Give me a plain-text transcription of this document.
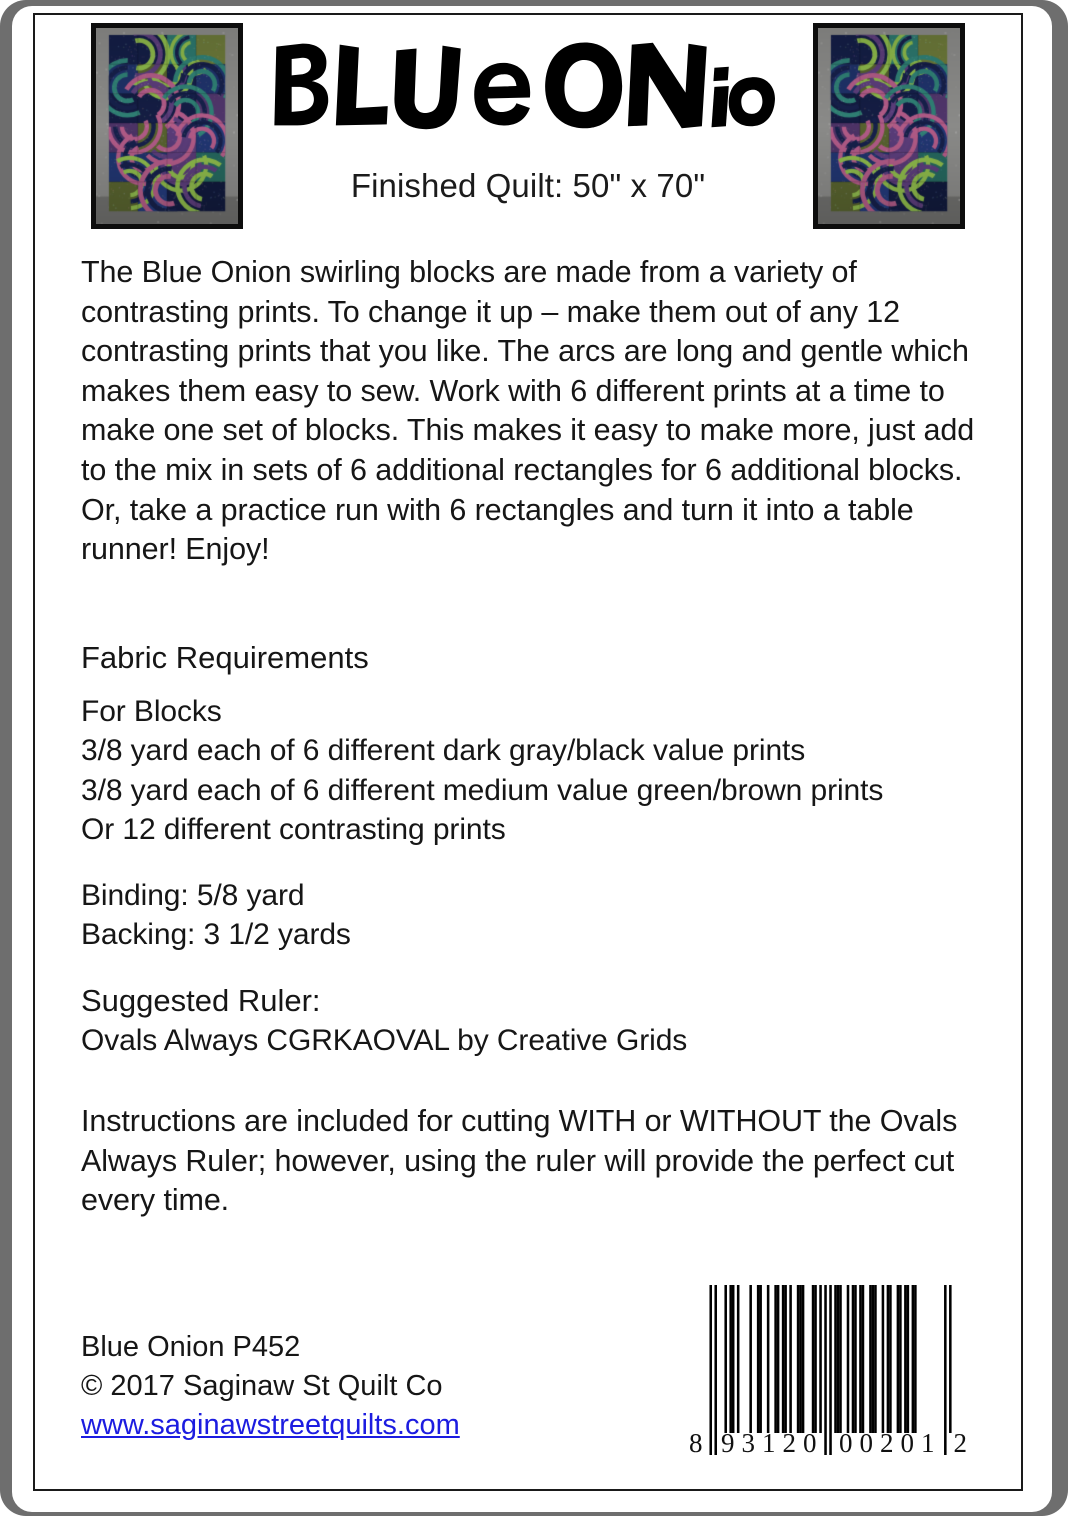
Finished Quilt: 50" x 70"

The Blue Onion swirling blocks are made from a variety of contrasting prints. To change it up – make them out of any 12 contrasting prints that you like. The arcs are long and gentle which makes them easy to sew. Work with 6 different prints at a time to make one set of blocks. This makes it easy to make more, just add to the mix in sets of 6 additional rectangles for 6 additional blocks. Or, take a practice run with 6 rectangles and turn it into a table runner! Enjoy!

Fabric Requirements
For Blocks
3/8 yard each of 6 different dark gray/black value prints
3/8 yard each of 6 different medium value green/brown prints
Or 12 different contrasting prints
Binding: 5/8 yard
Backing: 3 1/2 yards
Suggested Ruler:
Ovals Always CGRKAOVAL by Creative Grids

Instructions are included for cutting WITH or WITHOUT the Ovals Always Ruler; however, using the ruler will provide the perfect cut every time.

Blue Onion P452
© 2017 Saginaw St Quilt Co
www.saginawstreetquilts.com
8 93120 00201 2
